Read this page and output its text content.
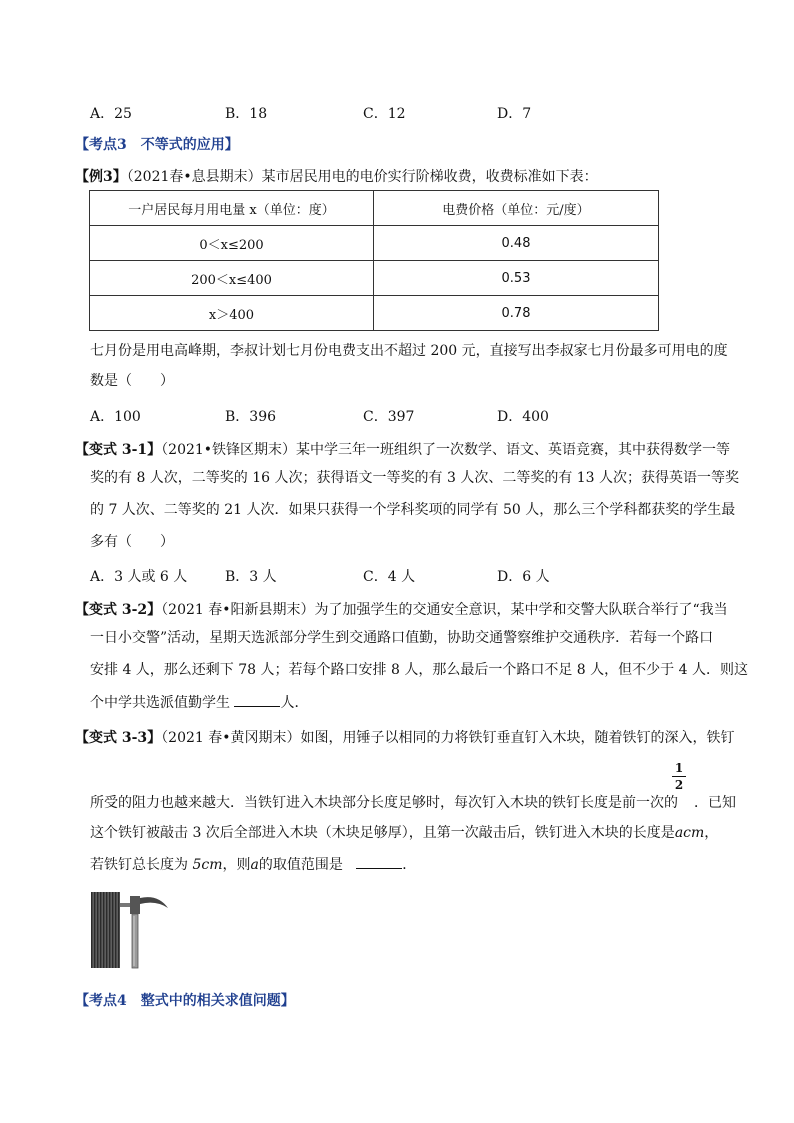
A．25	B．18	C．12	D．7
【考点3　不等式的应用】
【例3】（2021春•息县期末）某市居民用电的电价实行阶梯收费，收费标准如下表：
一户居民每月用电量 x（单位：度）	电费价格（单位：元/度）
0＜x≤200	0.48
200＜x≤400	0.53
x＞400	0.78
七月份是用电高峰期，李叔计划七月份电费支出不超过 200 元，直接写出李叔家七月份最多可用电的度
数是（　　）
A．100	B．396	C．397	D．400
【变式 3-1】（2021•铁锋区期末）某中学三年一班组织了一次数学、语文、英语竞赛，其中获得数学一等
奖的有 8 人次，二等奖的 16 人次；获得语文一等奖的有 3 人次、二等奖的有 13 人次；获得英语一等奖
的 7 人次、二等奖的 21 人次．如果只获得一个学科奖项的同学有 50 人，那么三个学科都获奖的学生最
多有（　　）
A．3 人或 6 人	B．3 人	C．4 人	D．6 人
【变式 3-2】（2021 春•阳新县期末）为了加强学生的交通安全意识，某中学和交警大队联合举行了“我当
一日小交警”活动，星期天选派部分学生到交通路口值勤，协助交通警察维护交通秩序．若每一个路口
安排 4 人，那么还剩下 78 人；若每个路口安排 8 人，那么最后一个路口不足 8 人，但不少于 4 人．则这
个中学共选派值勤学生	人．
【变式 3-3】（2021 春•黄冈期末）如图，用锤子以相同的力将铁钉垂直钉入木块，随着铁钉的深入，铁钉
1
2
所受的阻力也越来越大．当铁钉进入木块部分长度足够时，每次钉入木块的铁钉长度是前一次的 ．已知
这个铁钉被敲击 3 次后全部进入木块（木块足够厚），且第一次敲击后，铁钉进入木块的长度是acm，
若铁钉总长度为 5cm，则a的取值范围是	．
【考点4　整式中的相关求值问题】
